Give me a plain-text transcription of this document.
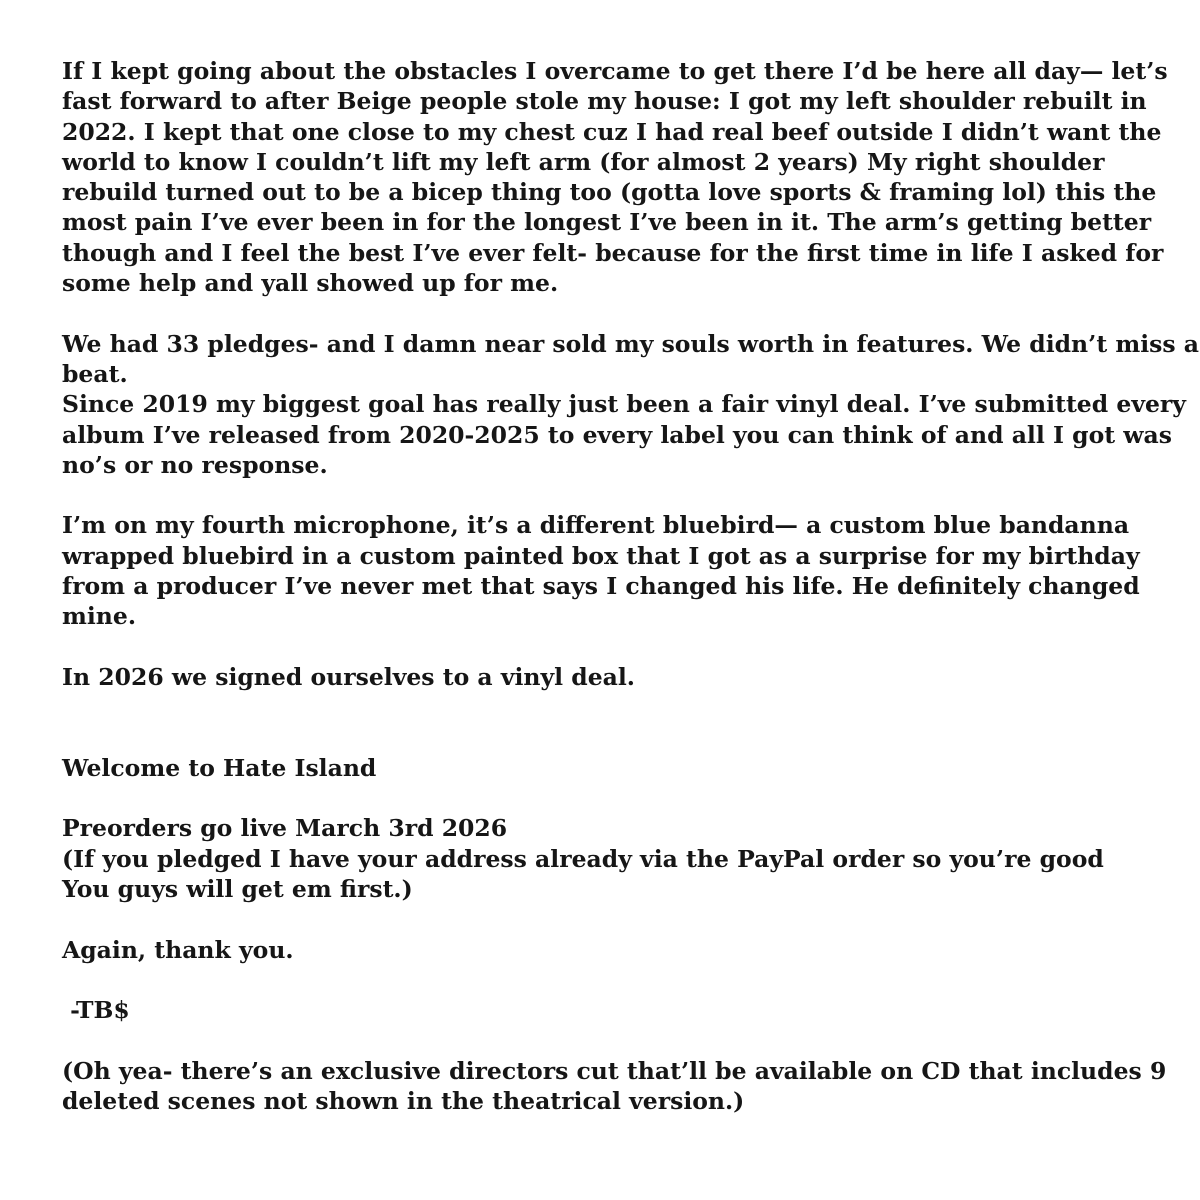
If I kept going about the obstacles I overcame to get there I’d be here all day— let’s
fast forward to after Beige people stole my house: I got my left shoulder rebuilt in
2022. I kept that one close to my chest cuz I had real beef outside I didn’t want the
world to know I couldn’t lift my left arm (for almost 2 years) My right shoulder
rebuild turned out to be a bicep thing too (gotta love sports & framing lol) this the
most pain I’ve ever been in for the longest I’ve been in it. The arm’s getting better
though and I feel the best I’ve ever felt- because for the first time in life I asked for
some help and yall showed up for me.
We had 33 pledges- and I damn near sold my souls worth in features. We didn’t miss a
beat.
Since 2019 my biggest goal has really just been a fair vinyl deal. I’ve submitted every
album I’ve released from 2020-2025 to every label you can think of and all I got was
no’s or no response.
I’m on my fourth microphone, it’s a different bluebird— a custom blue bandanna
wrapped bluebird in a custom painted box that I got as a surprise for my birthday
from a producer I’ve never met that says I changed his life. He definitely changed
mine.
In 2026 we signed ourselves to a vinyl deal.
Welcome to Hate Island
Preorders go live March 3rd 2026
(If you pledged I have your address already via the PayPal order so you’re good
You guys will get em first.)
Again, thank you.
-TB$
(Oh yea- there’s an exclusive directors cut that’ll be available on CD that includes 9
deleted scenes not shown in the theatrical version.)
